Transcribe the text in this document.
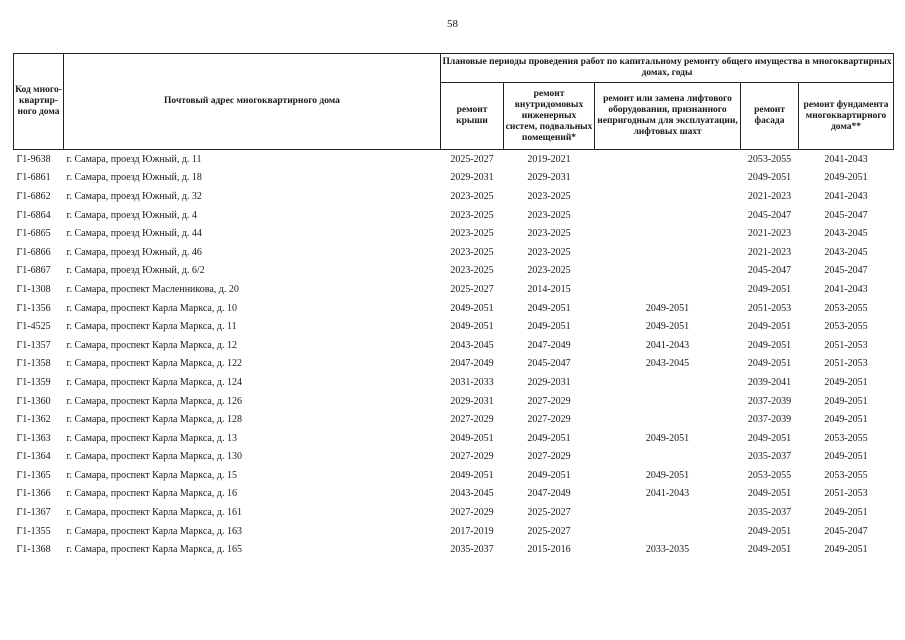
58
Код много-квартир-ного дома	Почтовый адрес многоквартирного дома	Плановые периоды проведения работ по капитальному ремонту общего имущества в многоквартирных домах, годы				
		ремонт крыши	ремонт внутридомовых инженерных систем, подвальных помещений*	ремонт или замена лифтового оборудования, признанного непригодным для эксплуатации, лифтовых шахт	ремонт фасада	ремонт фундамента многоквартирного дома**
Г1-9638	г. Самара, проезд Южный, д. 11	2025-2027	2019-2021		2053-2055	2041-2043
Г1-6861	г. Самара, проезд Южный, д. 18	2029-2031	2029-2031		2049-2051	2049-2051
Г1-6862	г. Самара, проезд Южный, д. 32	2023-2025	2023-2025		2021-2023	2041-2043
Г1-6864	г. Самара, проезд Южный, д. 4	2023-2025	2023-2025		2045-2047	2045-2047
Г1-6865	г. Самара, проезд Южный, д. 44	2023-2025	2023-2025		2021-2023	2043-2045
Г1-6866	г. Самара, проезд Южный, д. 46	2023-2025	2023-2025		2021-2023	2043-2045
Г1-6867	г. Самара, проезд Южный, д. 6/2	2023-2025	2023-2025		2045-2047	2045-2047
Г1-1308	г. Самара, проспект Масленникова, д. 20	2025-2027	2014-2015		2049-2051	2041-2043
Г1-1356	г. Самара, проспект Карла Маркса, д. 10	2049-2051	2049-2051	2049-2051	2051-2053	2053-2055
Г1-4525	г. Самара, проспект Карла Маркса, д. 11	2049-2051	2049-2051	2049-2051	2049-2051	2053-2055
Г1-1357	г. Самара, проспект Карла Маркса, д. 12	2043-2045	2047-2049	2041-2043	2049-2051	2051-2053
Г1-1358	г. Самара, проспект Карла Маркса, д. 122	2047-2049	2045-2047	2043-2045	2049-2051	2051-2053
Г1-1359	г. Самара, проспект Карла Маркса, д. 124	2031-2033	2029-2031		2039-2041	2049-2051
Г1-1360	г. Самара, проспект Карла Маркса, д. 126	2029-2031	2027-2029		2037-2039	2049-2051
Г1-1362	г. Самара, проспект Карла Маркса, д. 128	2027-2029	2027-2029		2037-2039	2049-2051
Г1-1363	г. Самара, проспект Карла Маркса, д. 13	2049-2051	2049-2051	2049-2051	2049-2051	2053-2055
Г1-1364	г. Самара, проспект Карла Маркса, д. 130	2027-2029	2027-2029		2035-2037	2049-2051
Г1-1365	г. Самара, проспект Карла Маркса, д. 15	2049-2051	2049-2051	2049-2051	2053-2055	2053-2055
Г1-1366	г. Самара, проспект Карла Маркса, д. 16	2043-2045	2047-2049	2041-2043	2049-2051	2051-2053
Г1-1367	г. Самара, проспект Карла Маркса, д. 161	2027-2029	2025-2027		2035-2037	2049-2051
Г1-1355	г. Самара, проспект Карла Маркса, д. 163	2017-2019	2025-2027		2049-2051	2045-2047
Г1-1368	г. Самара, проспект Карла Маркса, д. 165	2035-2037	2015-2016	2033-2035	2049-2051	2049-2051
